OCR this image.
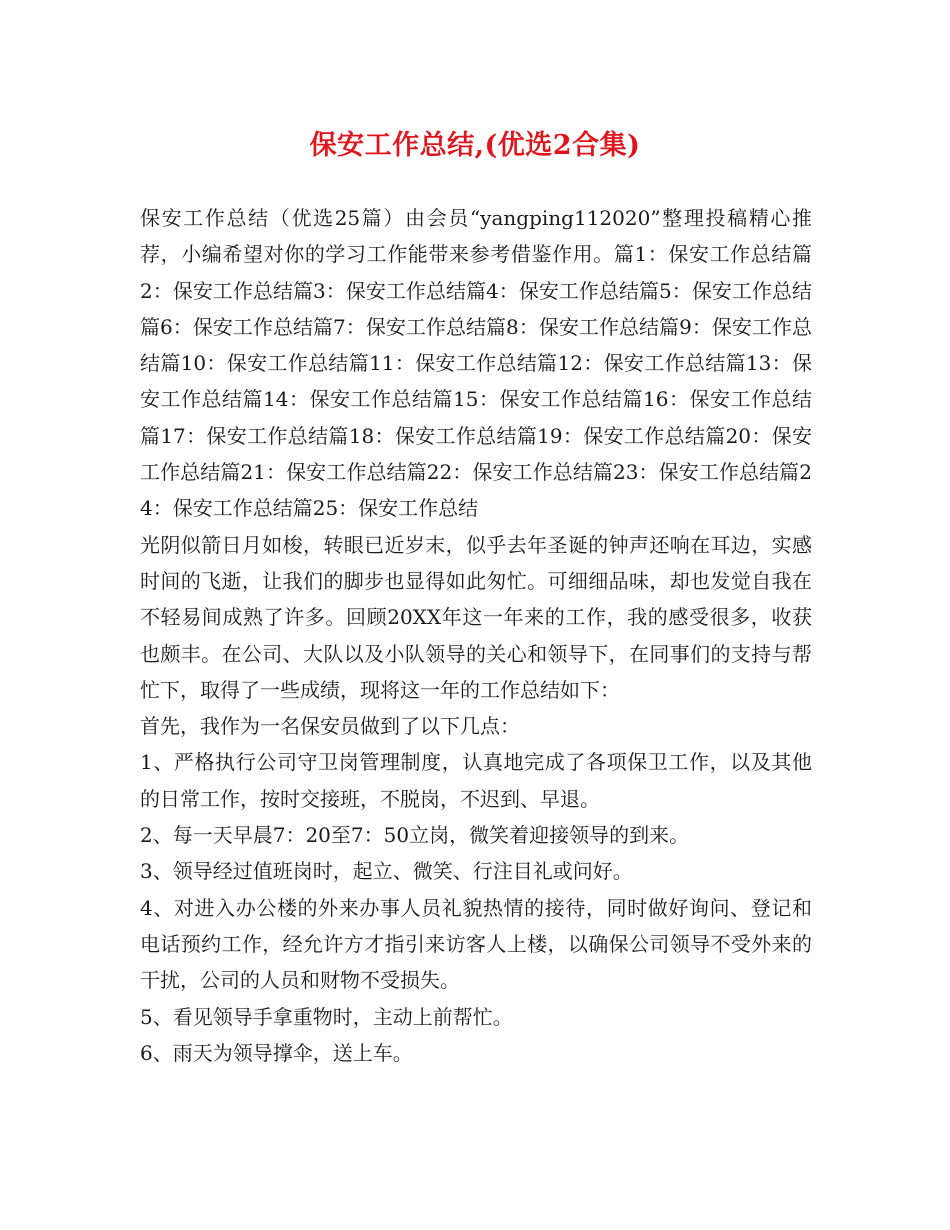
保安工作总结,(优选2合集)

保安工作总结（优选25篇）由会员“yangping112020”整理投稿精心推荐，小编希望对你的学习工作能带来参考借鉴作用。篇1：保安工作总结篇2：保安工作总结篇3：保安工作总结篇4：保安工作总结篇5：保安工作总结篇6：保安工作总结篇7：保安工作总结篇8：保安工作总结篇9：保安工作总结篇10：保安工作总结篇11：保安工作总结篇12：保安工作总结篇13：保安工作总结篇14：保安工作总结篇15：保安工作总结篇16：保安工作总结篇17：保安工作总结篇18：保安工作总结篇19：保安工作总结篇20：保安工作总结篇21：保安工作总结篇22：保安工作总结篇23：保安工作总结篇24：保安工作总结篇25：保安工作总结

光阴似箭日月如梭，转眼已近岁末，似乎去年圣诞的钟声还响在耳边，实感时间的飞逝，让我们的脚步也显得如此匆忙。可细细品味，却也发觉自我在不轻易间成熟了许多。回顾20XX年这一年来的工作，我的感受很多，收获也颇丰。在公司、大队以及小队领导的关心和领导下，在同事们的支持与帮忙下，取得了一些成绩，现将这一年的工作总结如下：

首先，我作为一名保安员做到了以下几点：

1、严格执行公司守卫岗管理制度，认真地完成了各项保卫工作，以及其他的日常工作，按时交接班，不脱岗，不迟到、早退。

2、每一天早晨7：20至7：50立岗，微笑着迎接领导的到来。

3、领导经过值班岗时，起立、微笑、行注目礼或问好。

4、对进入办公楼的外来办事人员礼貌热情的接待，同时做好询问、登记和电话预约工作，经允许方才指引来访客人上楼，以确保公司领导不受外来的干扰，公司的人员和财物不受损失。

5、看见领导手拿重物时，主动上前帮忙。

6、雨天为领导撑伞，送上车。
